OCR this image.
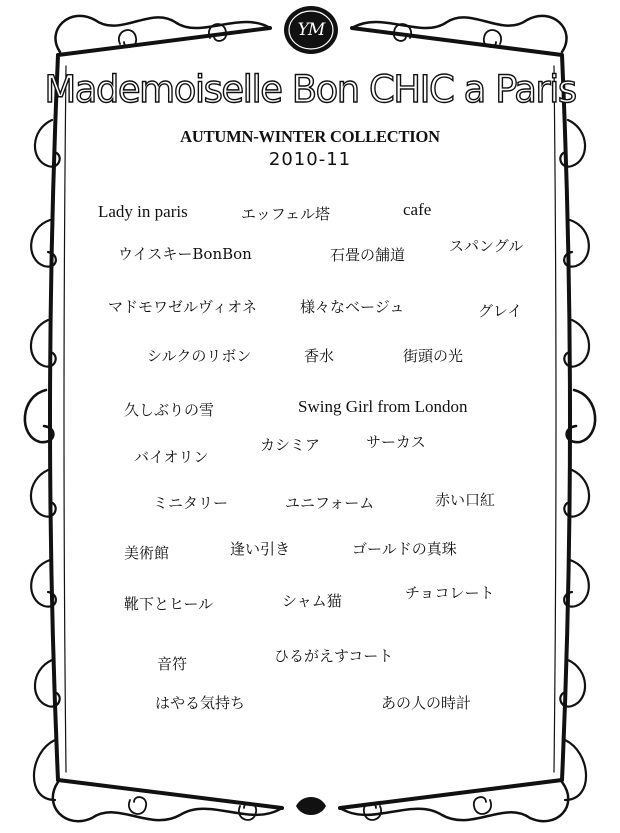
YM
Mademoiselle Bon CHIC a Paris
AUTUMN-WINTER COLLECTION
2010-11
Lady in paris	エッフェル塔	cafe
ウイスキーBonBon	石畳の舗道	スパングル
マドモワゼルヴィオネ	様々なベージュ	グレイ
シルクのリボン	香水	街頭の光
久しぶりの雪	Swing Girl from London
カシミア	サーカス
バイオリン
ミニタリー	ユニフォーム	赤い口紅
美術館	逢い引き	ゴールドの真珠
靴下とヒール	シャム猫	チョコレート
音符	ひるがえすコート
はやる気持ち	あの人の時計
